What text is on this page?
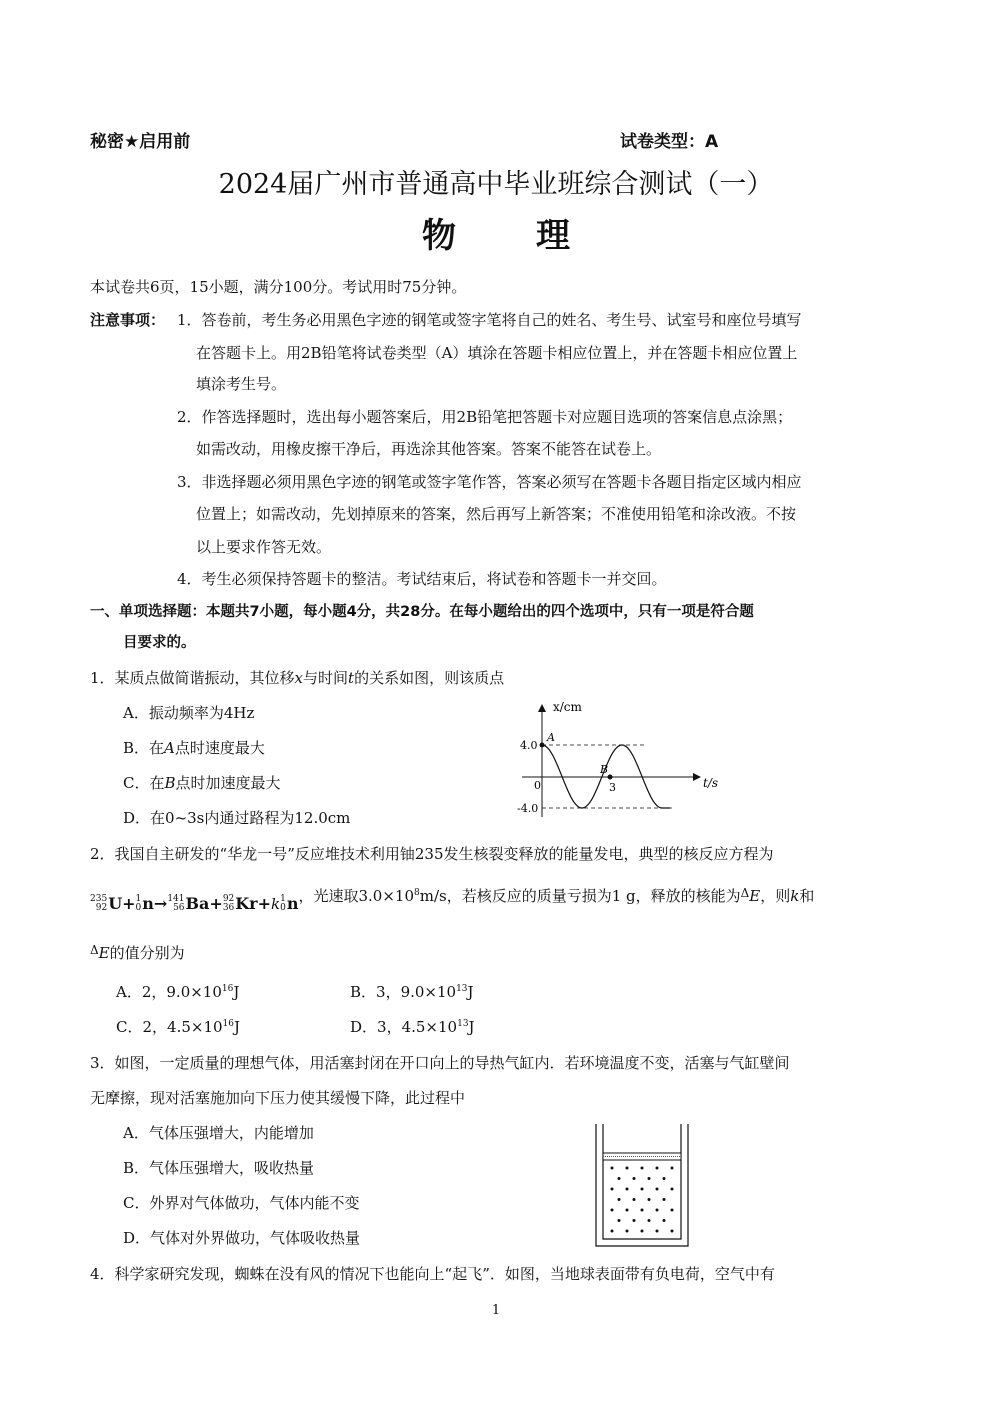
秘密★启用前	试卷类型：A
2024届广州市普通高中毕业班综合测试（一）
物理
本试卷共6页，15小题，满分100分。考试用时75分钟。
注意事项： 1．答卷前，考生务必用黑色字迹的钢笔或签字笔将自己的姓名、考生号、试室号和座位号填写
在答题卡上。用2B铅笔将试卷类型（A）填涂在答题卡相应位置上，并在答题卡相应位置上
填涂考生号。
2．作答选择题时，选出每小题答案后，用2B铅笔把答题卡对应题目选项的答案信息点涂黑；
如需改动，用橡皮擦干净后，再选涂其他答案。答案不能答在试卷上。
3．非选择题必须用黑色字迹的钢笔或签字笔作答，答案必须写在答题卡各题目指定区域内相应
位置上；如需改动，先划掉原来的答案，然后再写上新答案；不准使用铅笔和涂改液。不按
以上要求作答无效。
4．考生必须保持答题卡的整洁。考试结束后，将试卷和答题卡一并交回。
一、单项选择题：本题共7小题，每小题4分，共28分。在每小题给出的四个选项中，只有一项是符合题
目要求的。
1．某质点做简谐振动，其位移x与时间t的关系如图，则该质点
A．振动频率为4Hz
B．在A点时速度最大
C．在B点时加速度最大
D．在0~3s内通过路程为12.0cm
x/cm
t/s
4.0
-4.0
0	3
A
B
2．我国自主研发的“华龙一号”反应堆技术利用铀235发生核裂变释放的能量发电，典型的核反应方程为
235
92 U + 1
0 n → 141
56 Ba + 92
36 Kr + k 1
0 n ，光速取$3.0\times 10^8m/s$，若核反应的质量亏损为1 g，释放的核能为$^\Delta$E，则k和
$^\Delta$E的值分别为
A．2，$9.0\times 10^{16}J$	B．3，$9.0\times 10^{13}J$
C．2，$4.5\times 10^{16}J$	D．3，$4.5\times 10^{13}J$
3．如图，一定质量的理想气体，用活塞封闭在开口向上的导热气缸内．若环境温度不变，活塞与气缸壁间
无摩擦，现对活塞施加向下压力使其缓慢下降，此过程中
A．气体压强增大，内能增加
B．气体压强增大，吸收热量
C．外界对气体做功，气体内能不变
D．气体对外界做功，气体吸收热量
4．科学家研究发现，蜘蛛在没有风的情况下也能向上“起飞”．如图，当地球表面带有负电荷，空气中有
1
